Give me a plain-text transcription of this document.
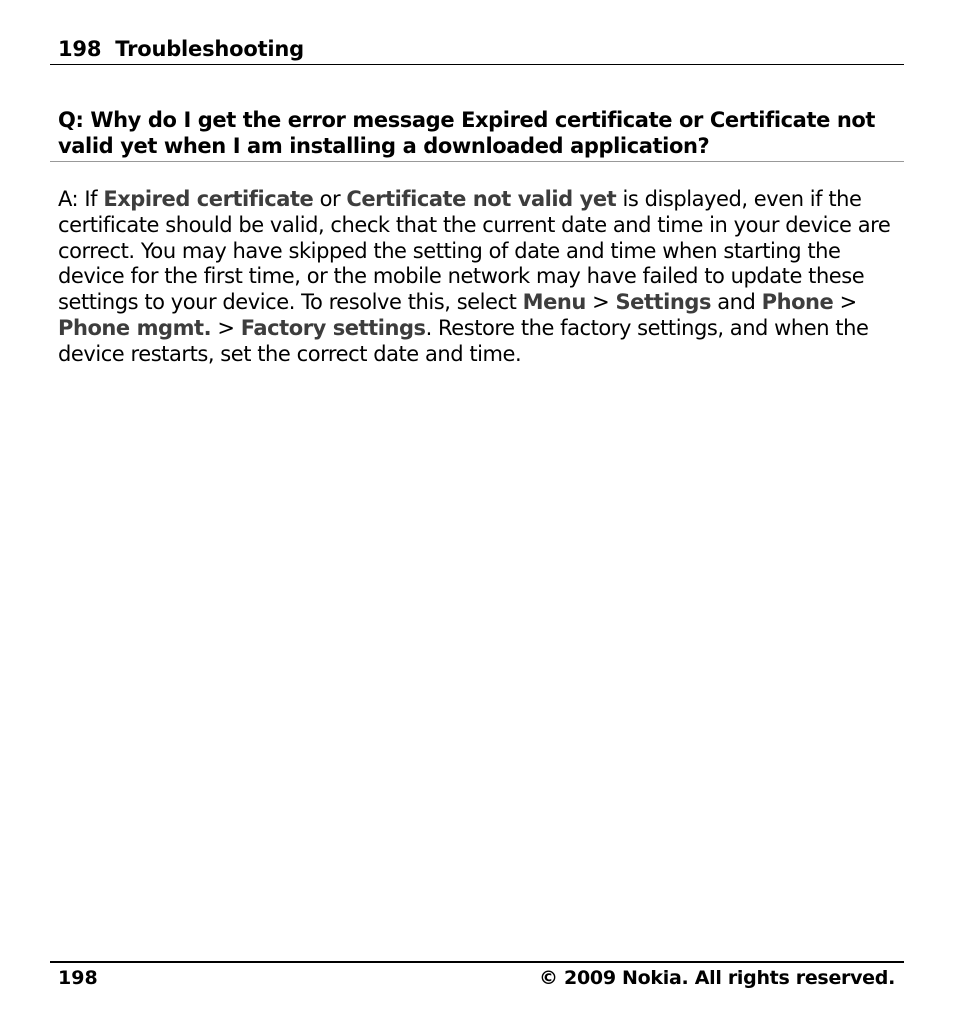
198 Troubleshooting

Q: Why do I get the error message Expired certificate or Certificate not valid yet when I am installing a downloaded application?

A: If Expired certificate or Certificate not valid yet is displayed, even if the certificate should be valid, check that the current date and time in your device are correct. You may have skipped the setting of date and time when starting the device for the first time, or the mobile network may have failed to update these settings to your device. To resolve this, select Menu > Settings and Phone > Phone mgmt. > Factory settings. Restore the factory settings, and when the device restarts, set the correct date and time.

198	© 2009 Nokia. All rights reserved.
